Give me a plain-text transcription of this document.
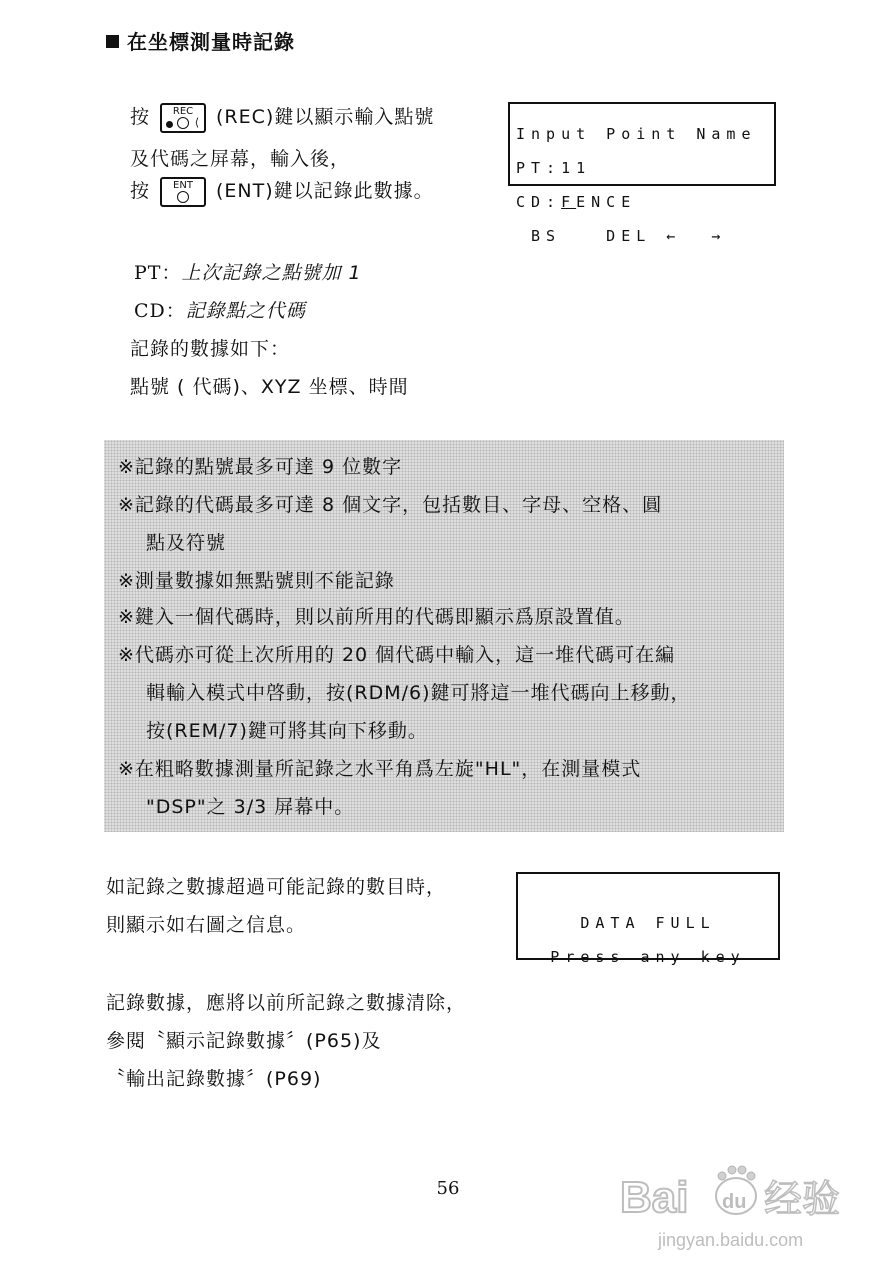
在坐標測量時記錄
按	REC
⟨ (REC)鍵以顯示輸入點號
及代碼之屏幕，輸入後，
按	ENT	(ENT)鍵以記錄此數據。

Input Point Name

PT:11

CD:FENCE

BS   DEL ←  →

PT：上次記錄之點號加 1
CD：記錄點之代碼
記錄的數據如下：
點號 ( 代碼)、XYZ 坐標、時間
※記錄的點號最多可達 9 位數字
※記錄的代碼最多可達 8 個文字，包括數目、字母、空格、圓
點及符號
※測量數據如無點號則不能記錄
※鍵入一個代碼時，則以前所用的代碼即顯示爲原設置值。
※代碼亦可從上次所用的 20 個代碼中輸入，這一堆代碼可在編
輯輸入模式中啓動，按(RDM/6)鍵可將這一堆代碼向上移動，
按(REM/7)鍵可將其向下移動。
※在粗略數據測量所記錄之水平角爲左旋"HL"，在測量模式
"DSP"之 3/3 屏幕中。
如記錄之數據超過可能記錄的數目時，
則顯示如右圖之信息。	DATA FULL

Press any key

記錄數據，應將以前所記錄之數據清除，
參閱〝顯示記錄數據〞(P65)及
〝輸出記錄數據〞(P69)
56	Bai du 经验
jingyan.baidu.com
